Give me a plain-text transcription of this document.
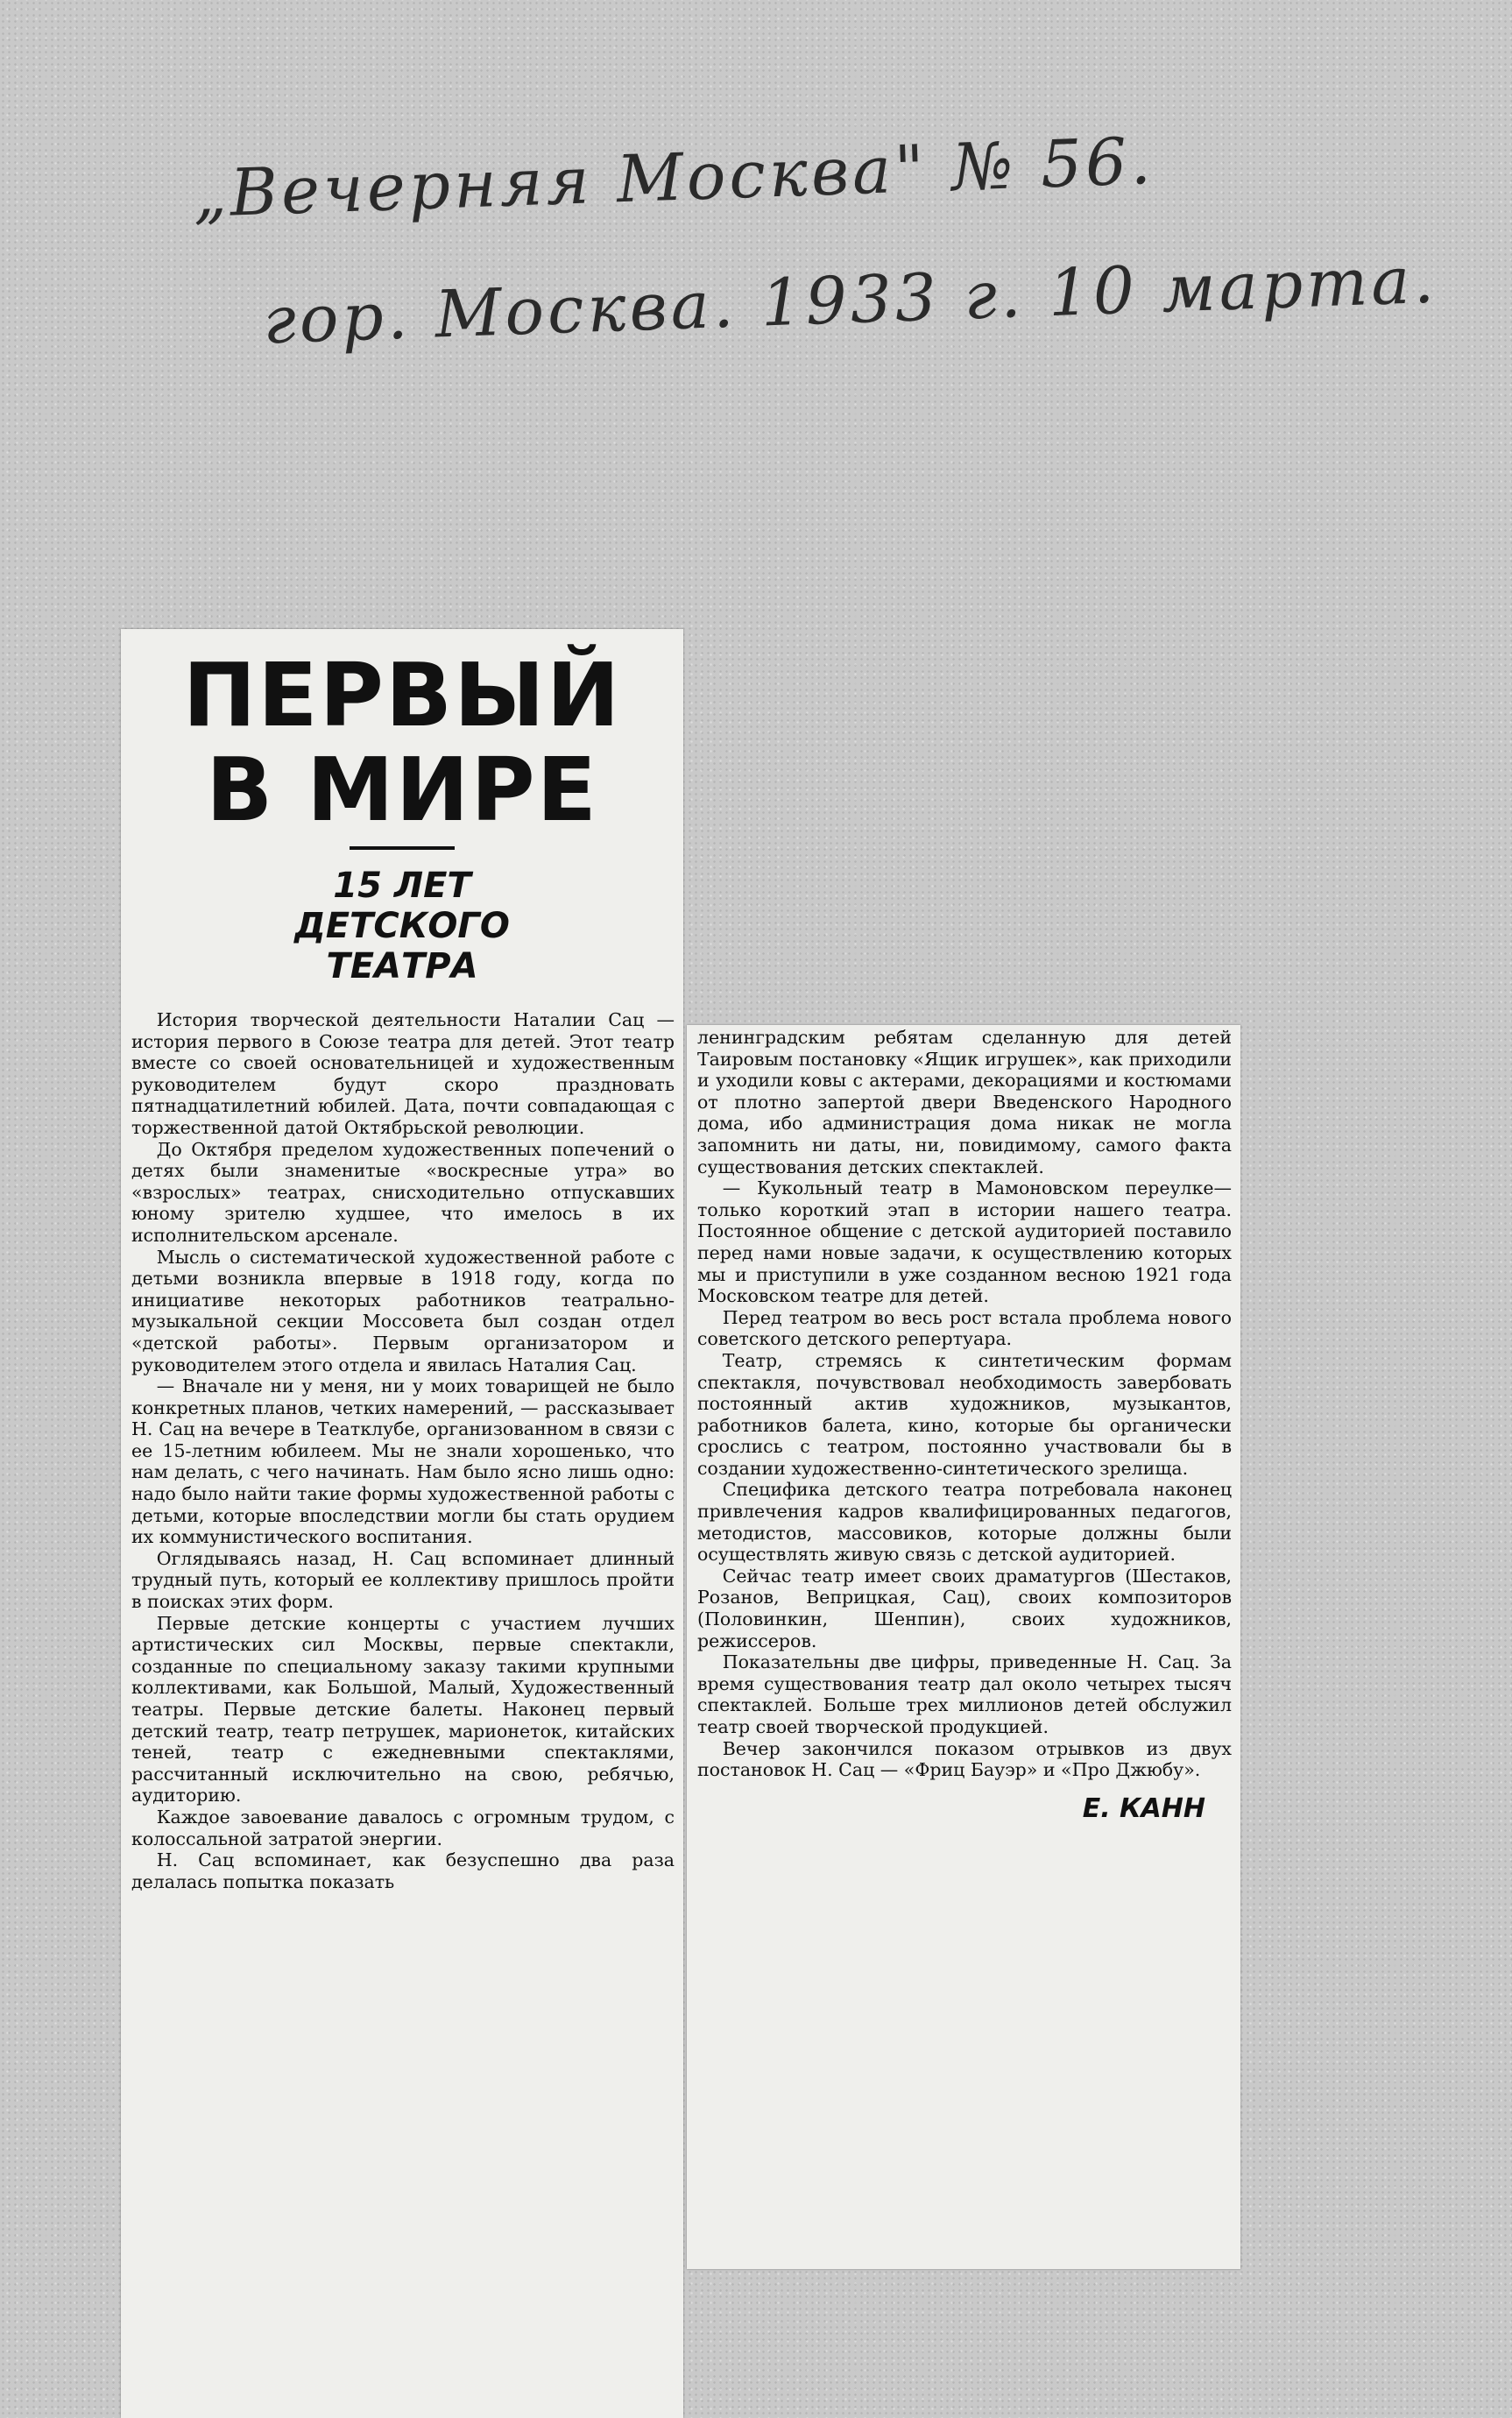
„Вечерняя Москва" № 56.
гор. Москва. 1933 г. 10 марта.
ПЕРВЫЙ
В МИРЕ
15 ЛЕТ
ДЕТСКОГО
ТЕАТРА

История творческой деятельности Наталии Сац — история первого в Союзе театра для детей. Этот театр вместе со своей основательницей и художественным руководителем будут скоро праздновать пятнадцатилетний юбилей. Дата, почти совпадающая с торжественной датой Октябрьской революции.

До Октября пределом художественных попечений о детях были знаменитые «воскресные утра» во «взрослых» театрах, снисходительно отпускавших юному зрителю худшее, что имелось в их исполнительском арсенале.

Мысль о систематической художественной работе с детьми возникла впервые в 1918 году, когда по инициативе некоторых работников театрально-музыкальной секции Моссовета был создан отдел «детской работы». Первым организатором и руководителем этого отдела и явилась Наталия Сац.

— Вначале ни у меня, ни у моих товарищей не было конкретных планов, четких намерений, — рассказывает Н. Сац на вечере в Театклубе, организованном в связи с ее 15-летним юбилеем. Мы не знали хорошенько, что нам делать, с чего начинать. Нам было ясно лишь одно: надо было найти такие формы художественной работы с детьми, которые впоследствии могли бы стать орудием их коммунистического воспитания.

Оглядываясь назад, Н. Сац вспоминает длинный трудный путь, который ее коллективу пришлось пройти в поисках этих форм.

Первые детские концерты с участием лучших артистических сил Москвы, первые спектакли, созданные по специальному заказу такими крупными коллективами, как Большой, Малый, Художественный театры. Первые детские балеты. Наконец первый детский театр, театр петрушек, марионеток, китайских теней, театр с ежедневными спектаклями, рассчитанный исключительно на свою, ребячью, аудиторию.

Каждое завоевание давалось с огромным трудом, с колоссальной затратой энергии.

Н. Сац вспоминает, как безуспешно два раза делалась попытка показать

ленинградским ребятам сделанную для детей Таировым постановку «Ящик игрушек», как приходили и уходили ковы с актерами, декорациями и костюмами от плотно запертой двери Введенского Народного дома, ибо администрация дома никак не могла запомнить ни даты, ни, повидимому, самого факта существования детских спектаклей.

— Кукольный театр в Мамоновском переулке—только короткий этап в истории нашего театра. Постоянное общение с детской аудиторией поставило перед нами новые задачи, к осуществлению которых мы и приступили в уже созданном весною 1921 года Московском театре для детей.

Перед театром во весь рост встала проблема нового советского детского репертуара.

Театр, стремясь к синтетическим формам спектакля, почувствовал необходимость завербовать постоянный актив художников, музыкантов, работников балета, кино, которые бы органически срослись с театром, постоянно участвовали бы в создании художественно-синтетического зрелища.

Специфика детского театра потребовала наконец привлечения кадров квалифицированных педагогов, методистов, массовиков, которые должны были осуществлять живую связь с детской аудиторией.

Сейчас театр имеет своих драматургов (Шестаков, Розанов, Веприцкая, Сац), своих композиторов (Половинкин, Шенпин), своих художников, режиссеров.

Показательны две цифры, приведенные Н. Сац. За время существования театр дал около четырех тысяч спектаклей. Больше трех миллионов детей обслужил театр своей творческой продукцией.

Вечер закончился показом отрывков из двух постановок Н. Сац — «Фриц Бауэр» и «Про Джюбу».

Е. КАНН
